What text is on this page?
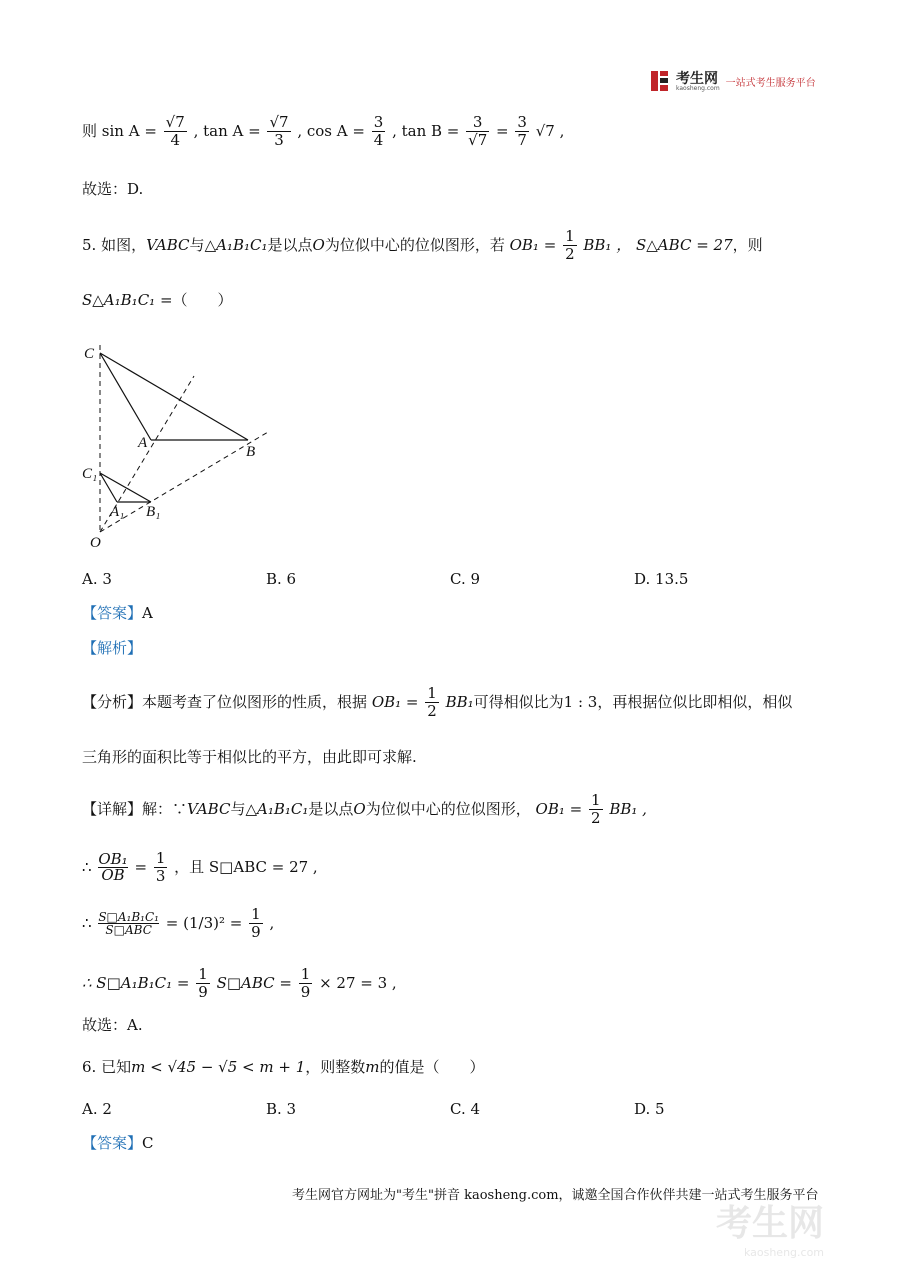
考生网
kaosheng.com 一站式考生服务平台
则 $\sin A = \frac{√7}{4}$ , $\tan A = \frac{√7}{3}$ , $\cos A = \frac{3}{4}$ , $\tan B = \frac{3}{√7} = \frac{3}{7} √7$ ,
故选：D.
5. 如图，VABC与△A₁B₁C₁是以点O为位似中心的位似图形，若 $OB_1 = \frac{1}{2} BB_1$ ， S△ABC = 27，则
S△A₁B₁C₁ =（　　）
C
A
B
C₁
A₁ B₁
O
A. 3	B. 6	C. 9	D. 13.5
【答案】A
【解析】
【分析】本题考查了位似图形的性质，根据 $OB_1 = \frac{1}{2} BB_1$可得相似比为1 : 3，再根据位似比即相似，相似
三角形的面积比等于相似比的平方，由此即可求解.
【详解】解：∵VABC与△A₁B₁C₁是以点O为位似中心的位似图形， $OB_1 = \frac{1}{2} BB_1$ ,
∴ $\frac{\text{OB₁}}{OB} = \frac{1}{3}$ ，且 S□ABC = 27 ,
∴ $\frac{\text{S□A₁B₁C₁}}{\text{S□ABC}} = (1/3)^2 = \frac{1}{9}$ ,
∴ S□A₁B₁C₁ = $\frac{1}{9}$ S□ABC = $\frac{1}{9} \times 27 = 3$ ,
故选：A.
6. 已知m < √45 − √5 < m + 1，则整数m的值是（　　）
A. 2	B. 3	C. 4	D. 5
【答案】C
考生网官方网址为"考生"拼音 kaosheng.com，诚邀全国合作伙伴共建一站式考生服务平台
考生网
kaosheng.com
